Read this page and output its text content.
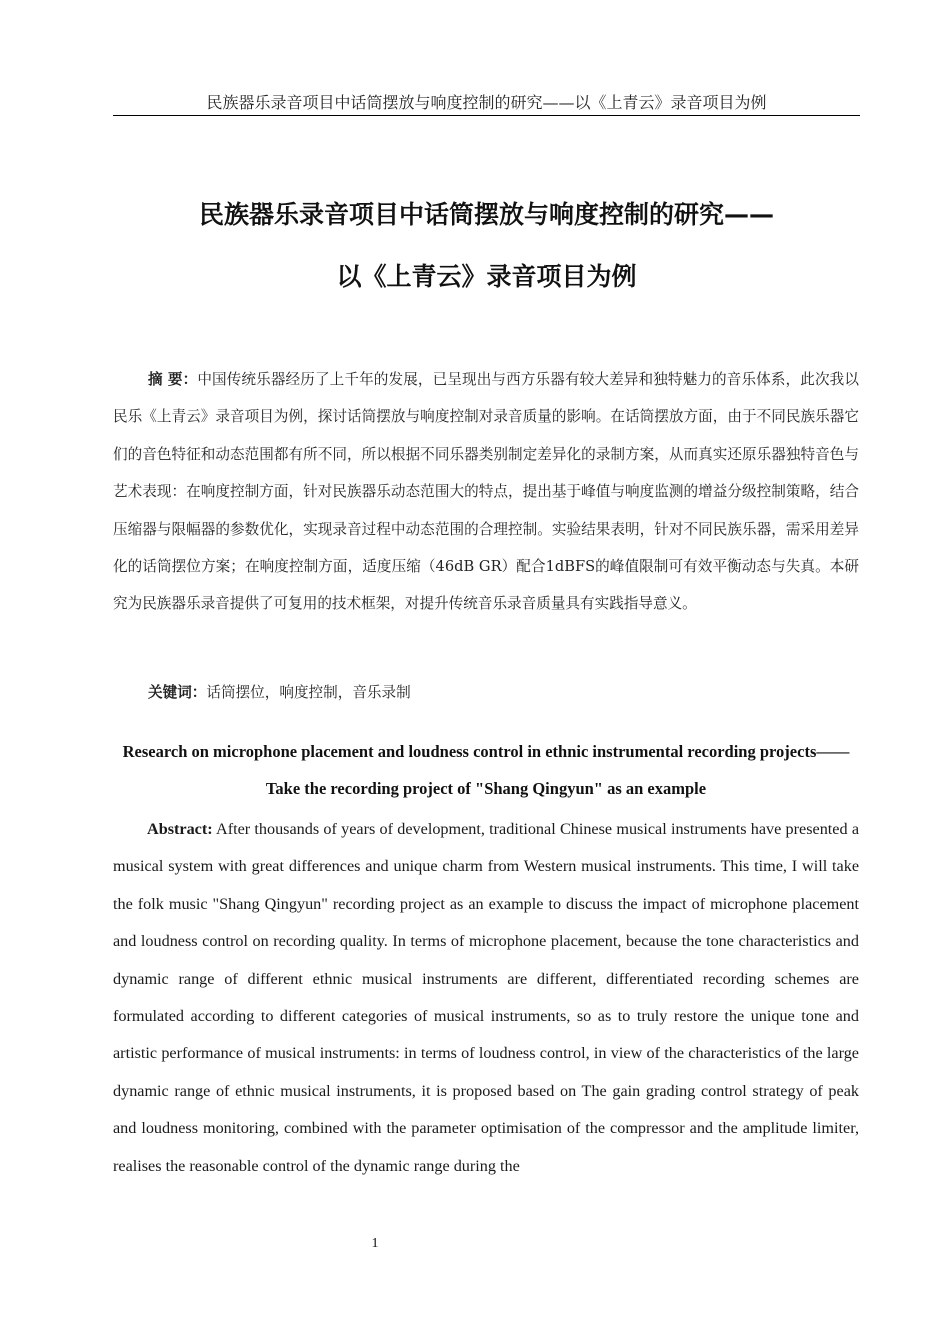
民族器乐录音项目中话筒摆放与响度控制的研究——以《上青云》录音项目为例
民族器乐录音项目中话筒摆放与响度控制的研究——
以《上青云》录音项目为例

摘 要：中国传统乐器经历了上千年的发展，已呈现出与西方乐器有较大差异和独特魅力的音乐体系，此次我以民乐《上青云》录音项目为例，探讨话筒摆放与响度控制对录音质量的影响。在话筒摆放方面，由于不同民族乐器它们的音色特征和动态范围都有所不同，所以根据不同乐器类别制定差异化的录制方案，从而真实还原乐器独特音色与艺术表现：在响度控制方面，针对民族器乐动态范围大的特点，提出基于峰值与响度监测的增益分级控制策略，结合压缩器与限幅器的参数优化，实现录音过程中动态范围的合理控制。实验结果表明，针对不同民族乐器，需采用差异化的话筒摆位方案；在响度控制方面，适度压缩（46dB GR）配合1dBFS的峰值限制可有效平衡动态与失真。本研究为民族器乐录音提供了可复用的技术框架，对提升传统音乐录音质量具有实践指导意义。

关键词：话筒摆位，响度控制，音乐录制

Research on microphone placement and loudness control in ethnic instrumental recording projects——
Take the recording project of "Shang Qingyun" as an example

Abstract: After thousands of years of development, traditional Chinese musical instruments have presented a musical system with great differences and unique charm from Western musical instruments. This time, I will take the folk music "Shang Qingyun" recording project as an example to discuss the impact of microphone placement and loudness control on recording quality. In terms of microphone placement, because the tone characteristics and dynamic range of different ethnic musical instruments are different, differentiated recording schemes are formulated according to different categories of musical instruments, so as to truly restore the unique tone and artistic performance of musical instruments: in terms of loudness control, in view of the characteristics of the large dynamic range of ethnic musical instruments, it is proposed based on The gain grading control strategy of peak and loudness monitoring, combined with the parameter optimisation of the compressor and the amplitude limiter, realises the reasonable control of the dynamic range during the

1
